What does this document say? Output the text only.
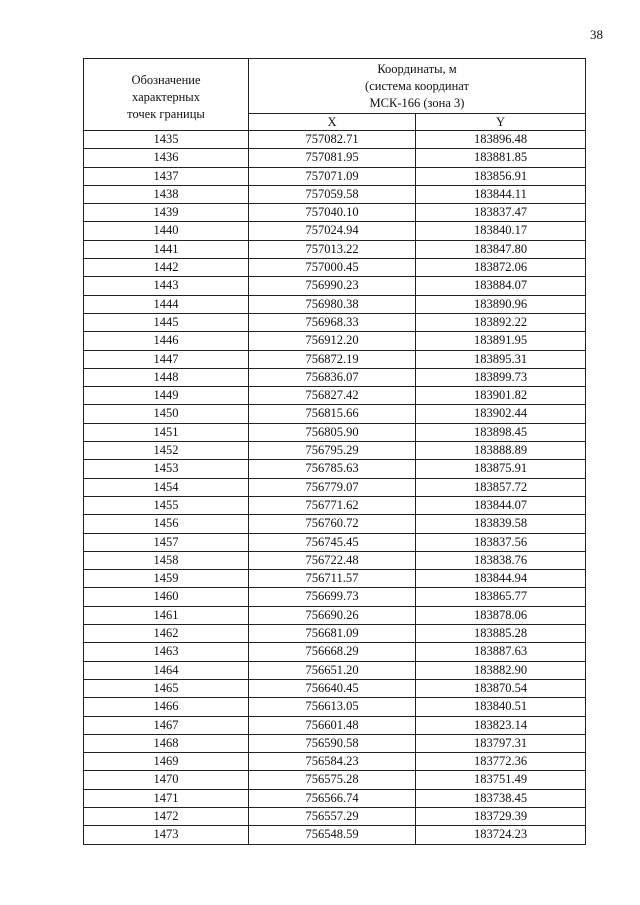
38
Обозначение
характерных
точек границы	Координаты, м
(система координат
МСК-166 (зона 3)	

	X	Y
1435	757082.71	183896.48
1436	757081.95	183881.85
1437	757071.09	183856.91
1438	757059.58	183844.11
1439	757040.10	183837.47
1440	757024.94	183840.17
1441	757013.22	183847.80
1442	757000.45	183872.06
1443	756990.23	183884.07
1444	756980.38	183890.96
1445	756968.33	183892.22
1446	756912.20	183891.95
1447	756872.19	183895.31
1448	756836.07	183899.73
1449	756827.42	183901.82
1450	756815.66	183902.44
1451	756805.90	183898.45
1452	756795.29	183888.89
1453	756785.63	183875.91
1454	756779.07	183857.72
1455	756771.62	183844.07
1456	756760.72	183839.58
1457	756745.45	183837.56
1458	756722.48	183838.76
1459	756711.57	183844.94
1460	756699.73	183865.77
1461	756690.26	183878.06
1462	756681.09	183885.28
1463	756668.29	183887.63
1464	756651.20	183882.90
1465	756640.45	183870.54
1466	756613.05	183840.51
1467	756601.48	183823.14
1468	756590.58	183797.31
1469	756584.23	183772.36
1470	756575.28	183751.49
1471	756566.74	183738.45
1472	756557.29	183729.39
1473	756548.59	183724.23
